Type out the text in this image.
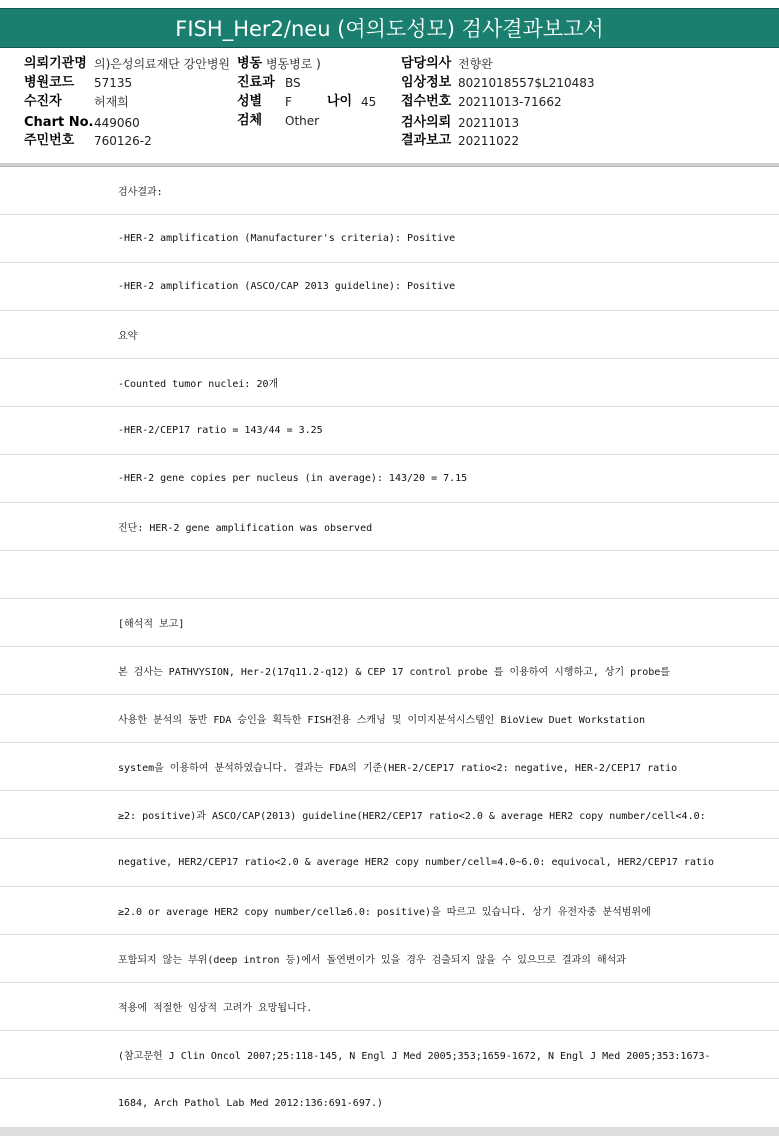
FISH_Her2/neu (여의도성모) 검사결과보고서
의뢰기관명 의)은성의료재단 강안병원 병동 병동병로 )	담당의사 전향완
병원코드 57135	진료과 BS	임상정보 8021018557$L210483
수진자	허재희	성별 F	나이 45 접수번호 20211013-71662
Chart No. 449060	검체 Other	검사의뢰 20211013
주민번호 760126-2	결과보고 20211022
검사결과:
-HER-2 amplification (Manufacturer's criteria): Positive
-HER-2 amplification (ASCO/CAP 2013 guideline): Positive
요약
-Counted tumor nuclei: 20개
-HER-2/CEP17 ratio = 143/44 = 3.25
-HER-2 gene copies per nucleus (in average): 143/20 = 7.15
진단: HER-2 gene amplification was observed
[해석적 보고]
본 검사는 PATHVYSION, Her-2(17q11.2-q12) & CEP 17 control probe 를 이용하여 시행하고, 상기 probe를
사용한 분석의 동반 FDA 승인을 획득한 FISH전용 스캐닝 및 이미지분석시스템인 BioView Duet Workstation
system을 이용하여 분석하였습니다. 결과는 FDA의 기준(HER-2/CEP17 ratio<2: negative, HER-2/CEP17 ratio
≥2: positive)과 ASCO/CAP(2013) guideline(HER2/CEP17 ratio<2.0 & average HER2 copy number/cell<4.0:
negative, HER2/CEP17 ratio<2.0 & average HER2 copy number/cell=4.0~6.0: equivocal, HER2/CEP17 ratio
≥2.0 or average HER2 copy number/cell≥6.0: positive)을 따르고 있습니다. 상기 유전자중 분석범위에
포함되지 않는 부위(deep intron 등)에서 돌연변이가 있을 경우 검출되지 않을 수 있으므로 결과의 해석과
적용에 적절한 임상적 고려가 요망됩니다.
(참고문헌 J Clin Oncol 2007;25:118-145, N Engl J Med 2005;353;1659-1672, N Engl J Med 2005;353:1673-
1684, Arch Pathol Lab Med 2012:136:691-697.)
